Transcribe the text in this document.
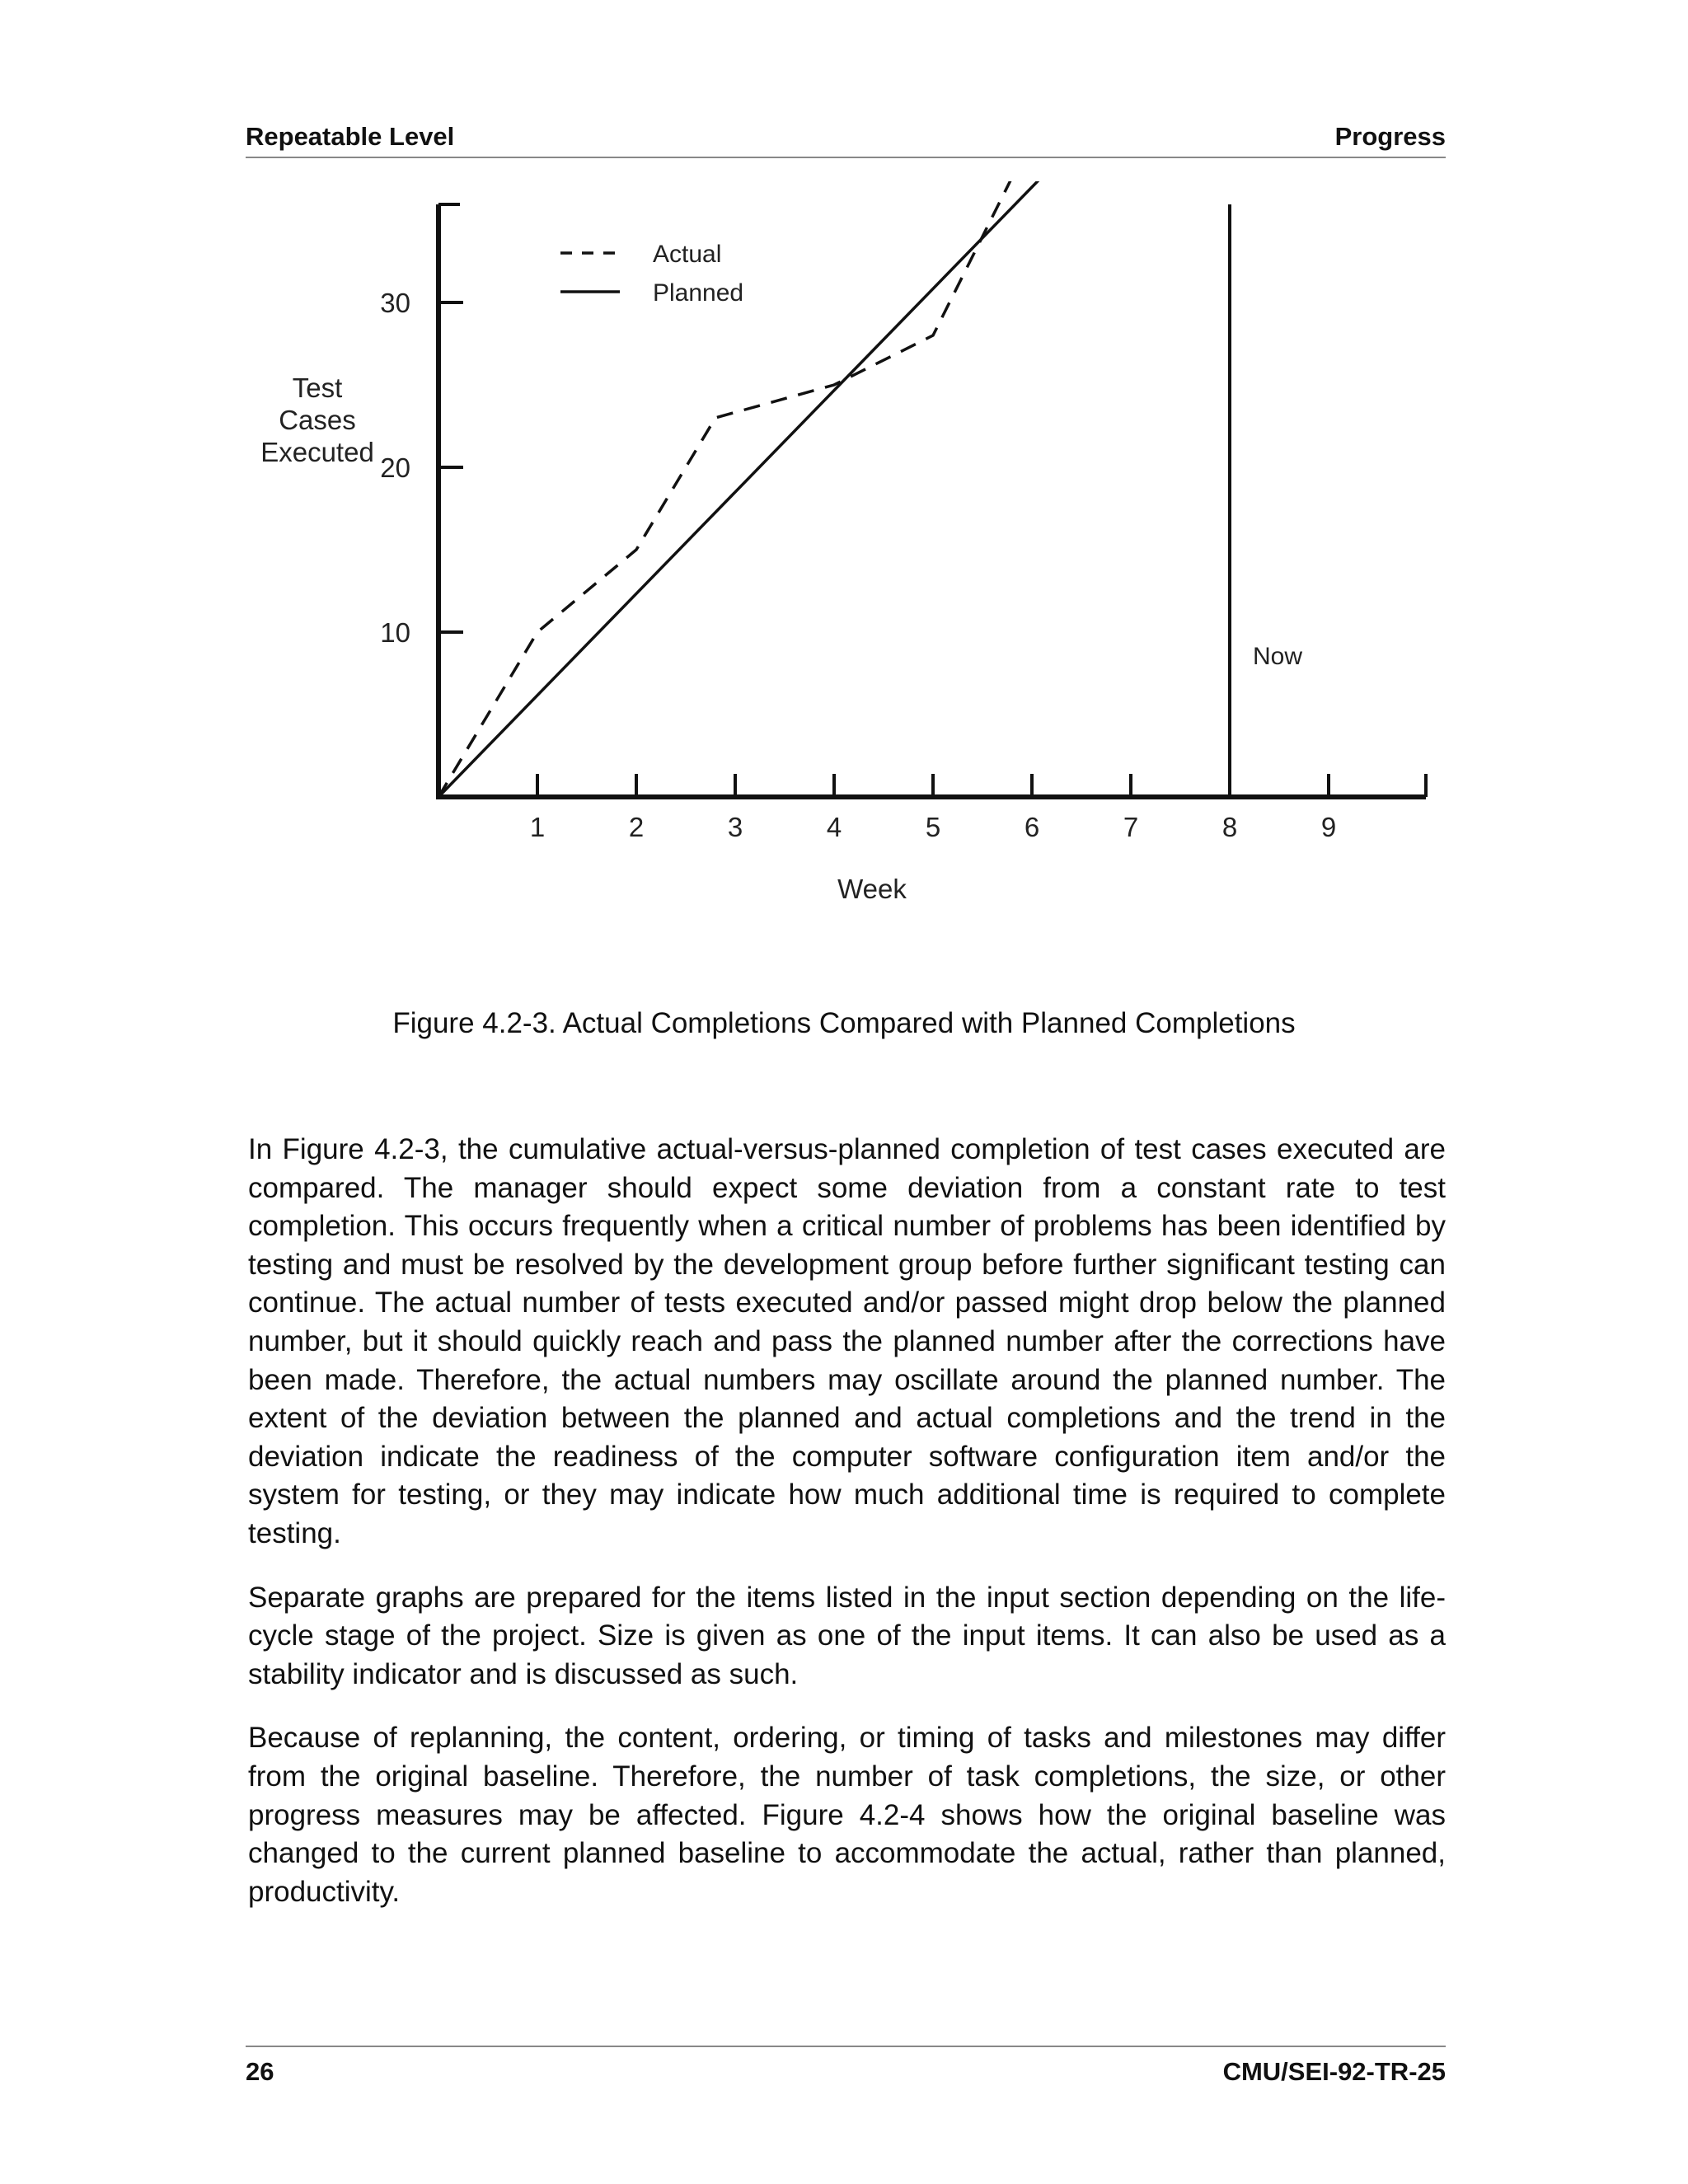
Repeatable Level	Progress
10
20
30
1	2	3	4	5	6	7	8	9
Actual
Planned
Now
Test
Cases
Executed
Week
Figure 4.2-3. Actual Completions Compared with Planned Completions

In Figure 4.2-3, the cumulative actual-versus-planned completion of test cases executed are compared. The manager should expect some deviation from a constant rate to test completion. This occurs frequently when a critical number of problems has been identified by testing and must be resolved by the development group before further significant testing can continue. The actual number of tests executed and/or passed might drop below the planned number, but it should quickly reach and pass the planned number after the corrections have been made. Therefore, the actual numbers may oscillate around the planned number. The extent of the deviation between the planned and actual completions and the trend in the deviation indicate the readiness of the computer software configuration item and/or the system for testing, or they may indicate how much additional time is required to complete testing.

Separate graphs are prepared for the items listed in the input section depending on the life-cycle stage of the project. Size is given as one of the input items. It can also be used as a stability indicator and is discussed as such.

Because of replanning, the content, ordering, or timing of tasks and milestones may differ from the original baseline. Therefore, the number of task completions, the size, or other progress measures may be affected. Figure 4.2-4 shows how the original baseline was changed to the current planned baseline to accommodate the actual, rather than planned, productivity.

26	CMU/SEI-92-TR-25
